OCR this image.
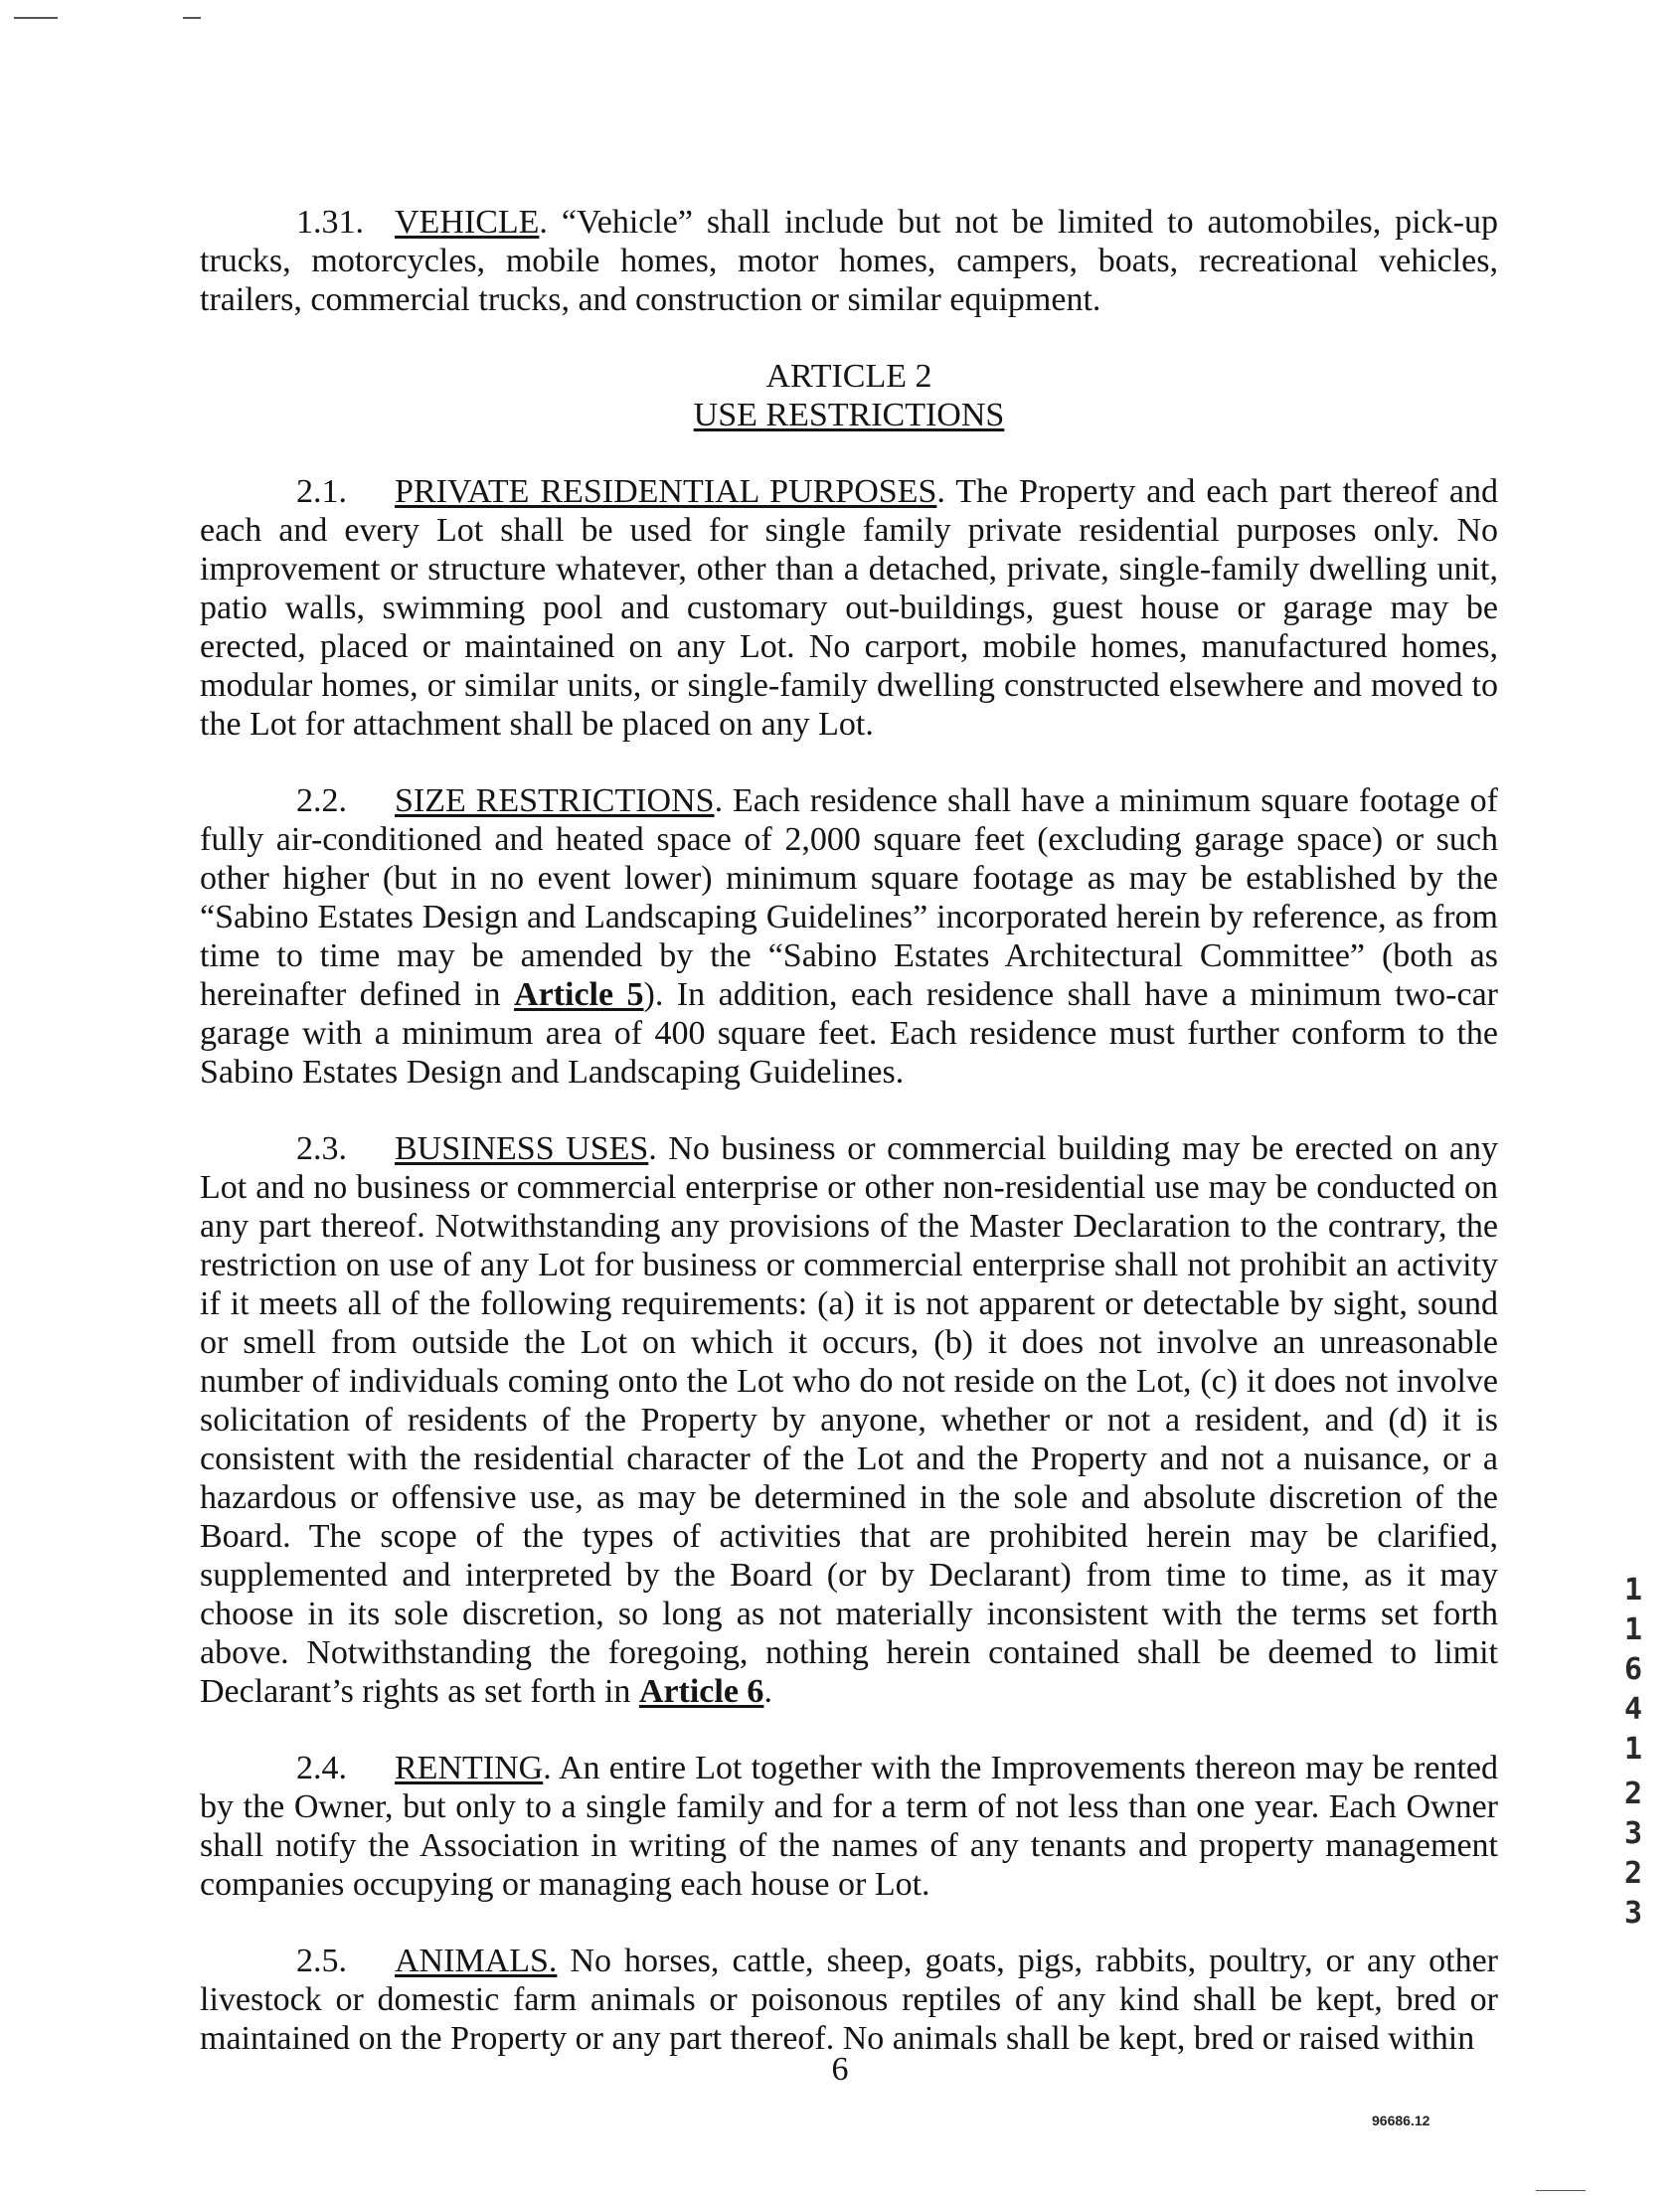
1.31. VEHICLE. “Vehicle” shall include but not be limited to automobiles, pick-up trucks, motorcycles, mobile homes, motor homes, campers, boats, recreational vehicles, trailers, commercial trucks, and construction or similar equipment.

ARTICLE 2
USE RESTRICTIONS

2.1. PRIVATE RESIDENTIAL PURPOSES. The Property and each part thereof and each and every Lot shall be used for single family private residential purposes only. No improvement or structure whatever, other than a detached, private, single-family dwelling unit, patio walls, swimming pool and customary out-buildings, guest house or garage may be erected, placed or maintained on any Lot. No carport, mobile homes, manufactured homes, modular homes, or similar units, or single-family dwelling constructed elsewhere and moved to the Lot for attachment shall be placed on any Lot.

2.2. SIZE RESTRICTIONS. Each residence shall have a minimum square footage of fully air-conditioned and heated space of 2,000 square feet (excluding garage space) or such other higher (but in no event lower) minimum square footage as may be established by the “Sabino Estates Design and Landscaping Guidelines” incorporated herein by reference, as from time to time may be amended by the “Sabino Estates Architectural Committee” (both as hereinafter defined in Article 5). In addition, each residence shall have a minimum two-car garage with a minimum area of 400 square feet. Each residence must further conform to the Sabino Estates Design and Landscaping Guidelines.

2.3. BUSINESS USES. No business or commercial building may be erected on any Lot and no business or commercial enterprise or other non-residential use may be conducted on any part thereof. Notwithstanding any provisions of the Master Declaration to the contrary, the restriction on use of any Lot for business or commercial enterprise shall not prohibit an activity if it meets all of the following requirements: (a) it is not apparent or detectable by sight, sound or smell from outside the Lot on which it occurs, (b) it does not involve an unreasonable number of individuals coming onto the Lot who do not reside on the Lot, (c) it does not involve solicitation of residents of the Property by anyone, whether or not a resident, and (d) it is consistent with the residential character of the Lot and the Property and not a nuisance, or a hazardous or offensive use, as may be determined in the sole and absolute discretion of the Board. The scope of the types of activities that are prohibited herein may be clarified, supplemented and interpreted by the Board (or by Declarant) from time to time, as it may choose in its sole discretion, so long as not materially inconsistent with the terms set forth above. Notwithstanding the foregoing, nothing herein contained shall be deemed to limit Declarant’s rights as set forth in Article 6.

2.4. RENTING. An entire Lot together with the Improvements thereon may be rented by the Owner, but only to a single family and for a term of not less than one year. Each Owner shall notify the Association in writing of the names of any tenants and property management companies occupying or managing each house or Lot.

2.5. ANIMALS. No horses, cattle, sheep, goats, pigs, rabbits, poultry, or any other livestock or domestic farm animals or poisonous reptiles of any kind shall be kept, bred or maintained on the Property or any part thereof. No animals shall be kept, bred or raised within

6
96686.12
1
1
6
4
1
2
3
2
3
